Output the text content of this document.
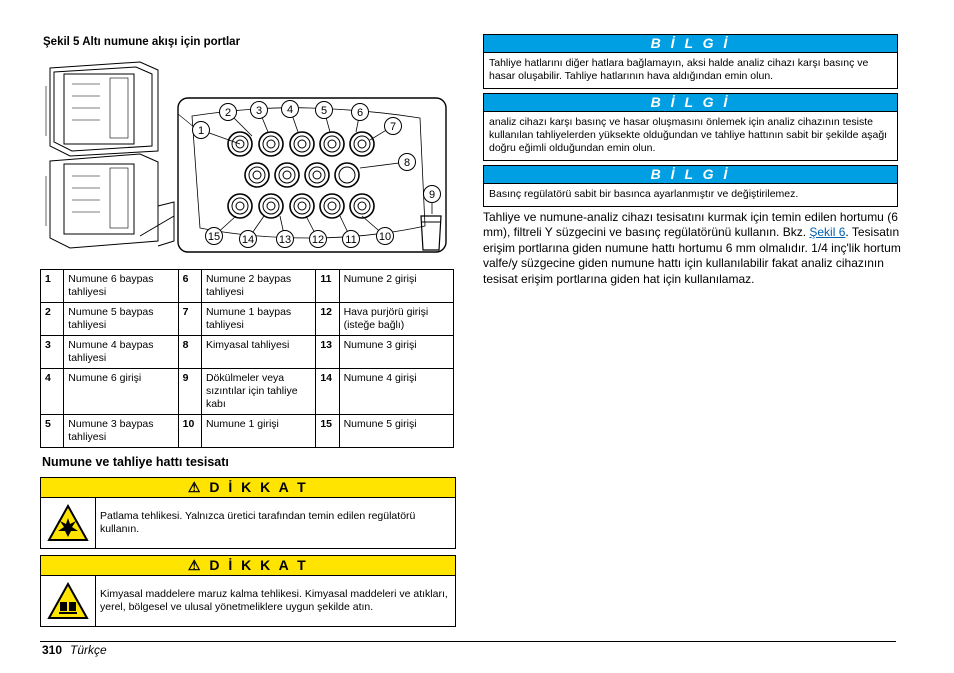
Şekil 5 Altı numune akışı için portlar
1
2 3 4	5	6
7
8
9
10
11
12
13
14
15
1	Numune 6 baypas tahliyesi	6	Numune 2 baypas tahliyesi	11	Numune 2 girişi
2	Numune 5 baypas tahliyesi	7	Numune 1 baypas tahliyesi	12	Hava purjörü girişi (isteğe bağlı)
3	Numune 4 baypas tahliyesi	8	Kimyasal tahliyesi	13	Numune 3 girişi
4	Numune 6 girişi	9	Dökülmeler veya sızıntılar için tahliye kabı	14	Numune 4 girişi
5	Numune 3 baypas tahliyesi	10	Numune 1 girişi	15	Numune 5 girişi
Numune ve tahliye hattı tesisatı
⚠ D İ K K A T
Patlama tehlikesi. Yalnızca üretici tarafından temin edilen regülatörü kullanın.
⚠ D İ K K A T
Kimyasal maddelere maruz kalma tehlikesi. Kimyasal maddeleri ve atıkları, yerel, bölgesel ve ulusal yönetmeliklere uygun şekilde atın.
B İ L G İ
Tahliye hatlarını diğer hatlara bağlamayın, aksi halde analiz cihazı karşı basınç ve hasar oluşabilir. Tahliye hatlarının hava aldığından emin olun.
B İ L G İ
analiz cihazı karşı basınç ve hasar oluşmasını önlemek için analiz cihazının tesiste kullanılan tahliyelerden yüksekte olduğundan ve tahliye hattının sabit bir şekilde aşağı doğru eğimli olduğundan emin olun.
B İ L G İ
Basınç regülatörü sabit bir basınca ayarlanmıştır ve değiştirilemez.
Tahliye ve numune-analiz cihazı tesisatını kurmak için temin edilen hortumu (6 mm), filtreli Y süzgecini ve basınç regülatörünü kullanın. Bkz. Şekil 6. Tesisatın erişim portlarına giden numune hattı hortumu 6 mm olmalıdır. 1/4 inç'lik hortum valfe/y süzgecine giden numune hattı için kullanılabilir fakat analiz cihazının tesisat erişim portlarına giden hat için kullanılamaz.
310 Türkçe
